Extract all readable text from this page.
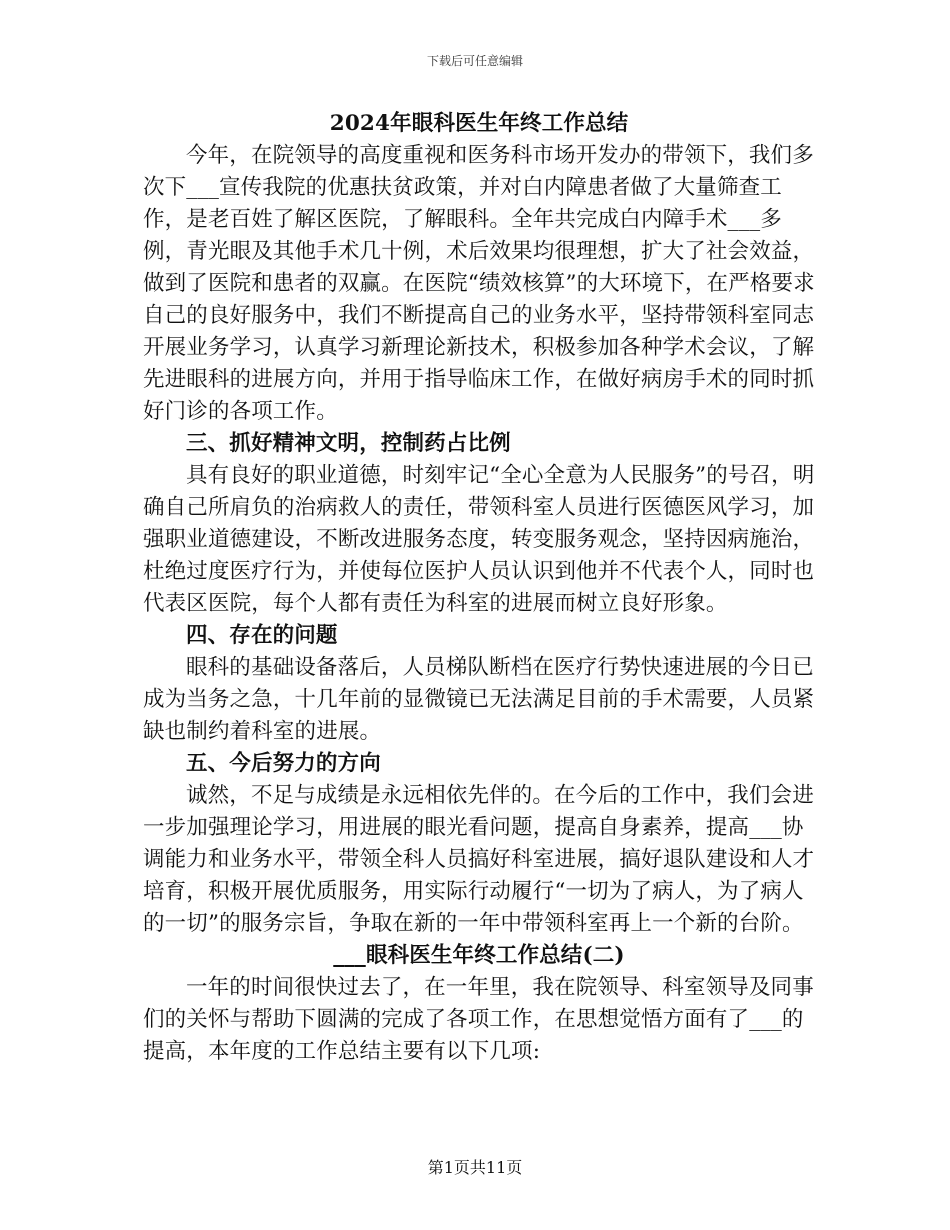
下载后可任意编辑

2024年眼科医生年终工作总结

今年，在院领导的高度重视和医务科市场开发办的带领下，我们多次下___宣传我院的优惠扶贫政策，并对白内障患者做了大量筛查工作，是老百姓了解区医院，了解眼科。全年共完成白内障手术___多例，青光眼及其他手术几十例，术后效果均很理想，扩大了社会效益，做到了医院和患者的双赢。在医院“绩效核算”的大环境下，在严格要求自己的良好服务中，我们不断提高自己的业务水平，坚持带领科室同志开展业务学习，认真学习新理论新技术，积极参加各种学术会议，了解先进眼科的进展方向，并用于指导临床工作，在做好病房手术的同时抓好门诊的各项工作。

三、抓好精神文明，控制药占比例

具有良好的职业道德，时刻牢记“全心全意为人民服务”的号召，明确自己所肩负的治病救人的责任，带领科室人员进行医德医风学习，加强职业道德建设，不断改进服务态度，转变服务观念，坚持因病施治，杜绝过度医疗行为，并使每位医护人员认识到他并不代表个人，同时也代表区医院，每个人都有责任为科室的进展而树立良好形象。

四、存在的问题

眼科的基础设备落后，人员梯队断档在医疗行势快速进展的今日已成为当务之急，十几年前的显微镜已无法满足目前的手术需要，人员紧缺也制约着科室的进展。

五、今后努力的方向

诚然，不足与成绩是永远相依先伴的。在今后的工作中，我们会进一步加强理论学习，用进展的眼光看问题，提高自身素养，提高___协调能力和业务水平，带领全科人员搞好科室进展，搞好退队建设和人才培育，积极开展优质服务，用实际行动履行“一切为了病人，为了病人的一切”的服务宗旨，争取在新的一年中带领科室再上一个新的台阶。

___眼科医生年终工作总结(二)

一年的时间很快过去了，在一年里，我在院领导、科室领导及同事们的关怀与帮助下圆满的完成了各项工作，在思想觉悟方面有了___的提高，本年度的工作总结主要有以下几项:

第1页共11页
